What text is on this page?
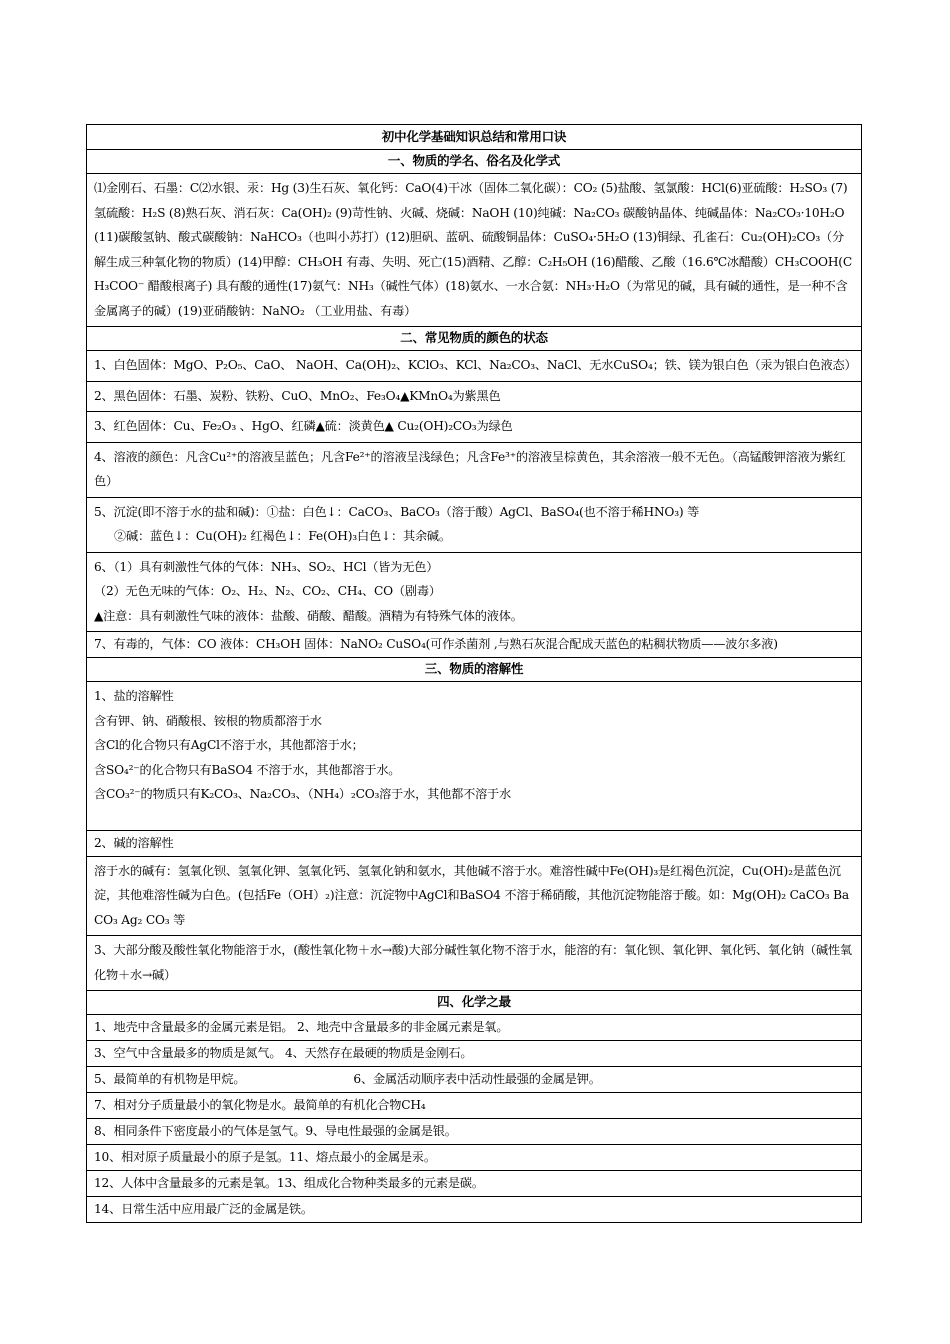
初中化学基础知识总结和常用口诀
一、物质的学名、俗名及化学式
⑴金刚石、石墨：C⑵水银、汞：Hg (3)生石灰、氧化钙：CaO(4)干冰（固体二氧化碳）：CO₂ (5)盐酸、氢氯酸：HCl(6)亚硫酸：H₂SO₃ (7)氢硫酸：H₂S (8)熟石灰、消石灰：Ca(OH)₂ (9)苛性钠、火碱、烧碱：NaOH (10)纯碱：Na₂CO₃ 碳酸钠晶体、纯碱晶体：Na₂CO₃·10H₂O (11)碳酸氢钠、酸式碳酸钠：NaHCO₃（也叫小苏打）(12)胆矾、蓝矾、硫酸铜晶体：CuSO₄·5H₂O (13)铜绿、孔雀石：Cu₂(OH)₂CO₃（分解生成三种氧化物的物质）(14)甲醇：CH₃OH 有毒、失明、死亡(15)酒精、乙醇：C₂H₅OH (16)醋酸、乙酸（16.6℃冰醋酸）CH₃COOH(CH₃COO⁻ 醋酸根离子) 具有酸的通性(17)氨气：NH₃（碱性气体）(18)氨水、一水合氨：NH₃·H₂O（为常见的碱，具有碱的通性，是一种不含金属离子的碱）(19)亚硝酸钠：NaNO₂ （工业用盐、有毒）
二、常见物质的颜色的状态
1、白色固体：MgO、P₂O₅、CaO、 NaOH、Ca(OH)₂、KClO₃、KCl、Na₂CO₃、NaCl、无水CuSO₄；铁、镁为银白色（汞为银白色液态）
2、黑色固体：石墨、炭粉、铁粉、CuO、MnO₂、Fe₃O₄▲KMnO₄为紫黑色
3、红色固体：Cu、Fe₂O₃ 、HgO、红磷▲硫：淡黄色▲ Cu₂(OH)₂CO₃为绿色
4、溶液的颜色：凡含Cu²⁺的溶液呈蓝色；凡含Fe²⁺的溶液呈浅绿色；凡含Fe³⁺的溶液呈棕黄色，其余溶液一般不无色。（高锰酸钾溶液为紫红色）

5、沉淀(即不溶于水的盐和碱)：①盐：白色↓：CaCO₃、BaCO₃（溶于酸）AgCl、BaSO₄(也不溶于稀HNO₃) 等
②碱：蓝色↓：Cu(OH)₂ 红褐色↓：Fe(OH)₃白色↓：其余碱。

6、（1）具有刺激性气体的气体：NH₃、SO₂、HCl（皆为无色）
（2）无色无味的气体：O₂、H₂、N₂、CO₂、CH₄、CO（剧毒）
▲注意：具有刺激性气味的液体：盐酸、硝酸、醋酸。酒精为有特殊气体的液体。

7、有毒的，气体：CO 液体：CH₃OH 固体：NaNO₂ CuSO₄(可作杀菌剂 ,与熟石灰混合配成天蓝色的粘稠状物质——波尔多液)
三、物质的溶解性

1、盐的溶解性
含有钾、钠、硝酸根、铵根的物质都溶于水
含Cl的化合物只有AgCl不溶于水，其他都溶于水；
含SO₄²⁻的化合物只有BaSO4 不溶于水，其他都溶于水。
含CO₃²⁻的物质只有K₂CO₃、Na₂CO₃、（NH₄）₂CO₃溶于水，其他都不溶于水

2、碱的溶解性
溶于水的碱有：氢氧化钡、氢氧化钾、氢氧化钙、氢氧化钠和氨水，其他碱不溶于水。难溶性碱中Fe(OH)₃是红褐色沉淀，Cu(OH)₂是蓝色沉淀，其他难溶性碱为白色。(包括Fe（OH）₂)注意：沉淀物中AgCl和BaSO4 不溶于稀硝酸，其他沉淀物能溶于酸。如：Mg(OH)₂ CaCO₃ BaCO₃ Ag₂ CO₃ 等
3、大部分酸及酸性氧化物能溶于水，(酸性氧化物＋水→酸)大部分碱性氧化物不溶于水，能溶的有：氧化钡、氧化钾、氧化钙、氧化钠（碱性氧化物＋水→碱）
四、化学之最
1、地壳中含量最多的金属元素是铝。 2、地壳中含量最多的非金属元素是氧。
3、空气中含量最多的物质是氮气。 4、天然存在最硬的物质是金刚石。
5、最简单的有机物是甲烷。	6、金属活动顺序表中活动性最强的金属是钾。
7、相对分子质量最小的氧化物是水。最简单的有机化合物CH₄
8、相同条件下密度最小的气体是氢气。9、导电性最强的金属是银。
10、相对原子质量最小的原子是氢。11、熔点最小的金属是汞。
12、人体中含量最多的元素是氧。13、组成化合物种类最多的元素是碳。
14、日常生活中应用最广泛的金属是铁。
